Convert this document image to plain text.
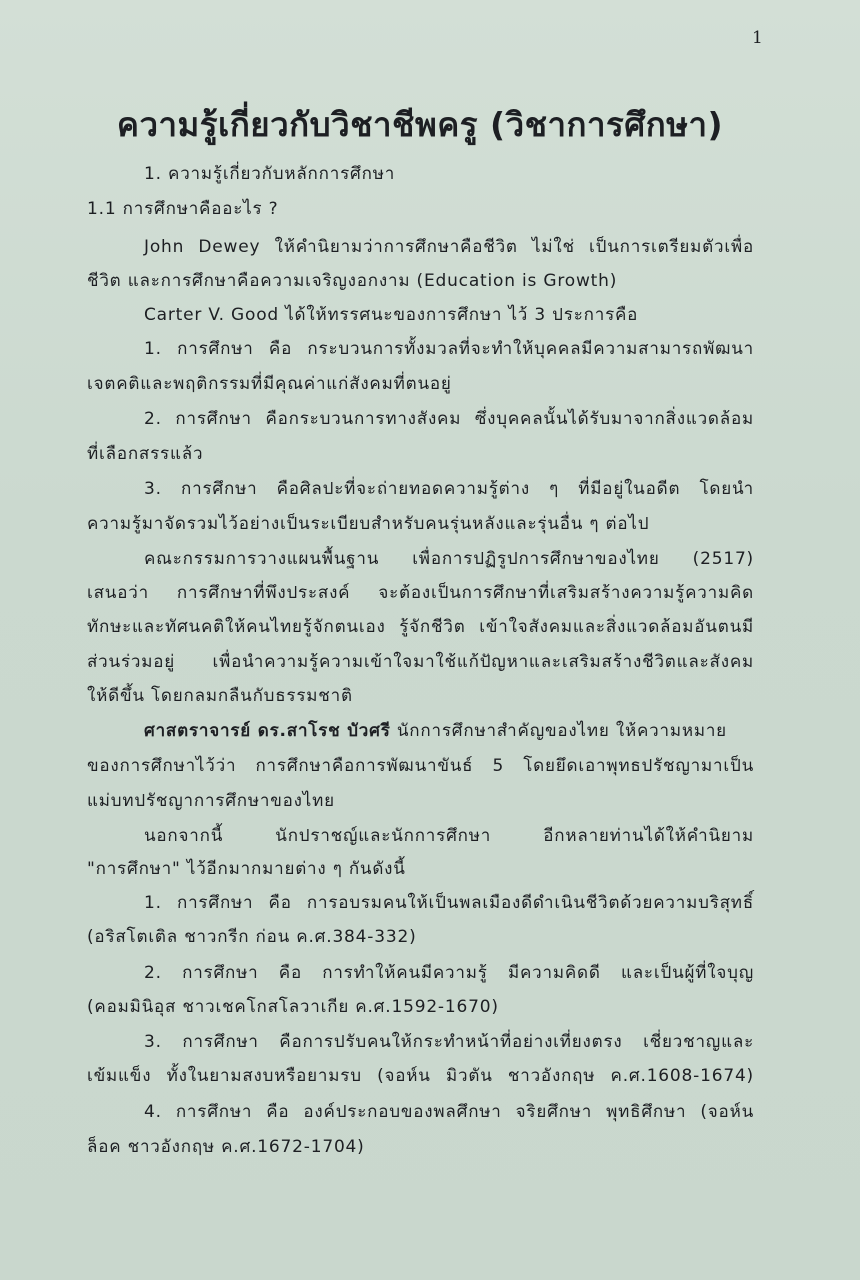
1
ความรู้เกี่ยวกับวิชาชีพครู (วิชาการศึกษา)
1. ความรู้เกี่ยวกับหลักการศึกษา
1.1 การศึกษาคืออะไร ?
John Dewey ให้คำนิยามว่าการศึกษาคือชีวิต ไม่ใช่ เป็นการเตรียมตัวเพื่อ
ชีวิต และการศึกษาคือความเจริญงอกงาม (Education is Growth)
Carter V. Good ได้ให้ทรรศนะของการศึกษา ไว้ 3 ประการคือ
1. การศึกษา คือ กระบวนการทั้งมวลที่จะทำให้บุคคลมีความสามารถพัฒนา
เจตคติและพฤติกรรมที่มีคุณค่าแก่สังคมที่ตนอยู่
2. การศึกษา คือกระบวนการทางสังคม ซึ่งบุคคลนั้นได้รับมาจากสิ่งแวดล้อม
ที่เลือกสรรแล้ว
3. การศึกษา คือศิลปะที่จะถ่ายทอดความรู้ต่าง ๆ ที่มีอยู่ในอดีต โดยนำ
ความรู้มาจัดรวมไว้อย่างเป็นระเบียบสำหรับคนรุ่นหลังและรุ่นอื่น ๆ ต่อไป
คณะกรรมการวางแผนพื้นฐาน เพื่อการปฏิรูปการศึกษาของไทย (2517)
เสนอว่า การศึกษาที่พึงประสงค์ จะต้องเป็นการศึกษาที่เสริมสร้างความรู้ความคิด
ทักษะและทัศนคติให้คนไทยรู้จักตนเอง รู้จักชีวิต เข้าใจสังคมและสิ่งแวดล้อมอันตนมี
ส่วนร่วมอยู่ เพื่อนำความรู้ความเข้าใจมาใช้แก้ปัญหาและเสริมสร้างชีวิตและสังคม
ให้ดีขึ้น โดยกลมกลืนกับธรรมชาติ
ศาสตราจารย์ ดร.สาโรช บัวศรี นักการศึกษาสำคัญของไทย ให้ความหมาย
ของการศึกษาไว้ว่า การศึกษาคือการพัฒนาขันธ์ 5 โดยยึดเอาพุทธปรัชญามาเป็น
แม่บทปรัชญาการศึกษาของไทย
นอกจากนี้ นักปราชญ์และนักการศึกษา อีกหลายท่านได้ให้คำนิยาม
"การศึกษา" ไว้อีกมากมายต่าง ๆ กันดังนี้
1. การศึกษา คือ การอบรมคนให้เป็นพลเมืองดีดำเนินชีวิตด้วยความบริสุทธิ์
(อริสโตเติล ชาวกรีก ก่อน ค.ศ.384-332)
2. การศึกษา คือ การทำให้คนมีความรู้ มีความคิดดี และเป็นผู้ที่ใจบุญ
(คอมมินิอุส ชาวเชคโกสโลวาเกีย ค.ศ.1592-1670)
3. การศึกษา คือการปรับคนให้กระทำหน้าที่อย่างเที่ยงตรง เชี่ยวชาญและ
เข้มแข็ง ทั้งในยามสงบหรือยามรบ (จอห์น มิวตัน ชาวอังกฤษ ค.ศ.1608-1674)
4. การศึกษา คือ องค์ประกอบของพลศึกษา จริยศึกษา พุทธิศึกษา (จอห์น
ล็อค ชาวอังกฤษ ค.ศ.1672-1704)
